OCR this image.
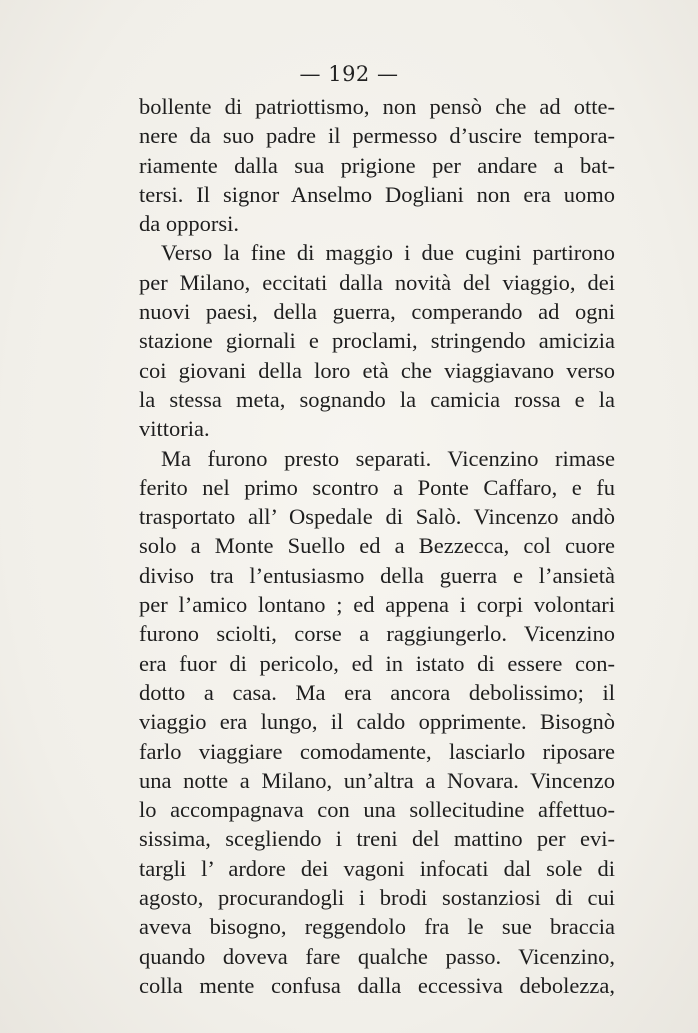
— 192 —
bollente di patriottismo, non pensò che ad otte-
nere da suo padre il permesso d’uscire tempora-
riamente dalla sua prigione per andare a bat-
tersi. Il signor Anselmo Dogliani non era uomo
da opporsi.
Verso la fine di maggio i due cugini partirono
per Milano, eccitati dalla novità del viaggio, dei
nuovi paesi, della guerra, comperando ad ogni
stazione giornali e proclami, stringendo amicizia
coi giovani della loro età che viaggiavano verso
la stessa meta, sognando la camicia rossa e la
vittoria.
Ma furono presto separati. Vicenzino rimase
ferito nel primo scontro a Ponte Caffaro, e fu
trasportato all’ Ospedale di Salò. Vincenzo andò
solo a Monte Suello ed a Bezzecca, col cuore
diviso tra l’entusiasmo della guerra e l’ansietà
per l’amico lontano ; ed appena i corpi volontari
furono sciolti, corse a raggiungerlo. Vicenzino
era fuor di pericolo, ed in istato di essere con-
dotto a casa. Ma era ancora debolissimo; il
viaggio era lungo, il caldo opprimente. Bisognò
farlo viaggiare comodamente, lasciarlo riposare
una notte a Milano, un’altra a Novara. Vincenzo
lo accompagnava con una sollecitudine affettuo-
sissima, scegliendo i treni del mattino per evi-
targli l’ ardore dei vagoni infocati dal sole di
agosto, procurandogli i brodi sostanziosi di cui
aveva bisogno, reggendolo fra le sue braccia
quando doveva fare qualche passo. Vicenzino,
colla mente confusa dalla eccessiva debolezza,
